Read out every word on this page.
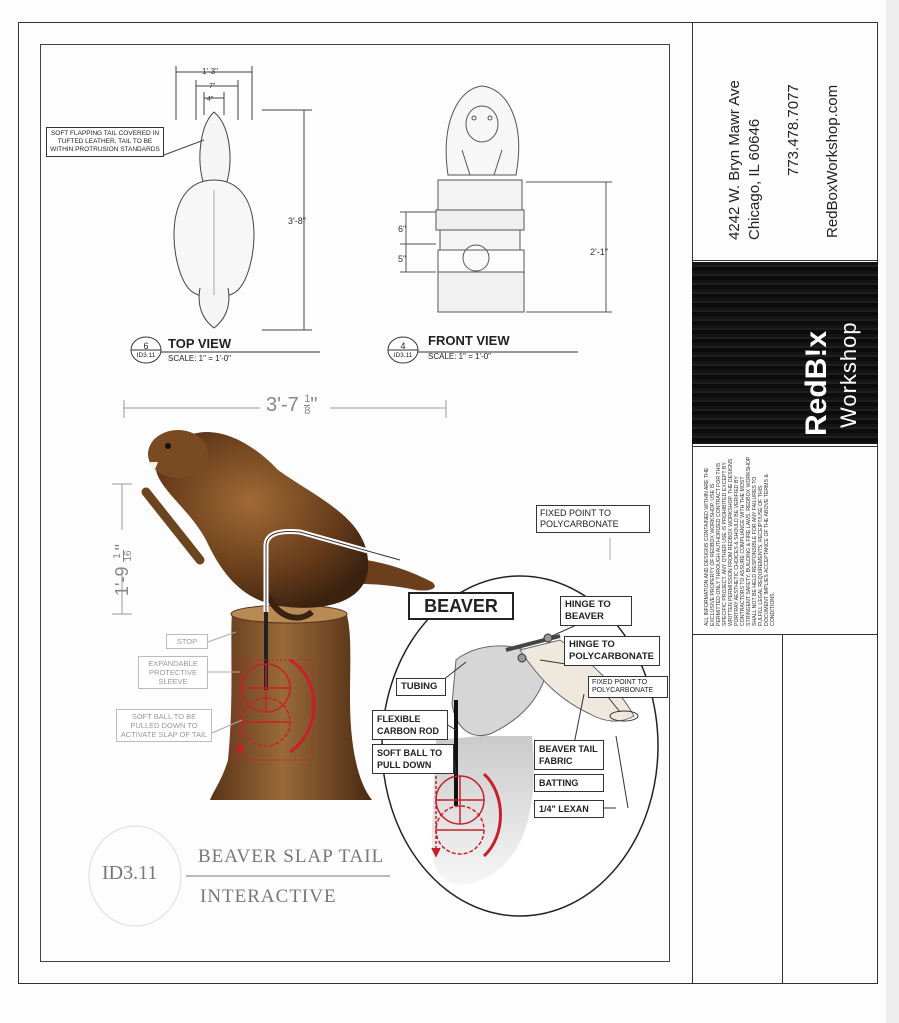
3'-8"
1'-3"
7"
4"
6"
5"
2'-1"
SOFT FLAPPING TAIL COVERED IN TUFTED LEATHER, TAIL TO BE WITHIN PROTRUSION STANDARDS
6
ID3.11
TOP VIEW
SCALE: 1" = 1'-0"
4
ID3.11
FRONT VIEW
SCALE: 1" = 1'-0"
$3'-7 \frac{1}{8}$ "
1'-9
1 16
"
STOP
EXPANDABLE PROTECTIVE SLEEVE
SOFT BALL TO BE PULLED DOWN TO ACTIVATE SLAP OF TAIL
FIXED POINT TO POLYCARBONATE
BEAVER	HINGE TO BEAVER
HINGE TO POLYCARBONATE
FIXED POINT TO POLYCARBONATE
TUBING
FLEXIBLE CARBON ROD
SOFT BALL TO PULL DOWN
BEAVER TAIL FABRIC
BATTING
1/4" LEXAN
ID3.11
BEAVER SLAP TAIL
INTERACTIVE
4242 W. Bryn Mawr Ave Chicago, IL 60646 773.478.7077 RedBoxWorkshop.com
RedB!x Workshop
ALL INFORMATION AND DESIGNS CONTAINED WITHIN ARE THE EXCLUSIVE PROPERTY OF REDBOX WORKSHOP. USE IS PERMITTED ONLY THROUGH AUTHORIZED CONTRACT FOR THIS SPECIFIC PROJECT. ANY OTHER USE IS PROHIBITED EXCEPT BY WRITTEN PERMISSION FROM REDBOX WORKSHOP. THE DESIGNS PORTRAY AESTHETIC CHOICES & SHOULD BE VERIFIED BY CONTRACTORS TO ASSURE COMPLIANCE WITH THE MOST STRINGENT SAFETY, BUILDING & FIRE LAWS. REDBOX WORKSHOP SHALL NOT BE HELD RESPONSIBLE FOR ANY FAILURES TO FULFILL LEGAL REQUIREMENTS. RECEIPT/USE OF THIS DOCUMENT IMPLIES ACCEPTANCE OF THE ABOVE TERMS & CONDITIONS.
